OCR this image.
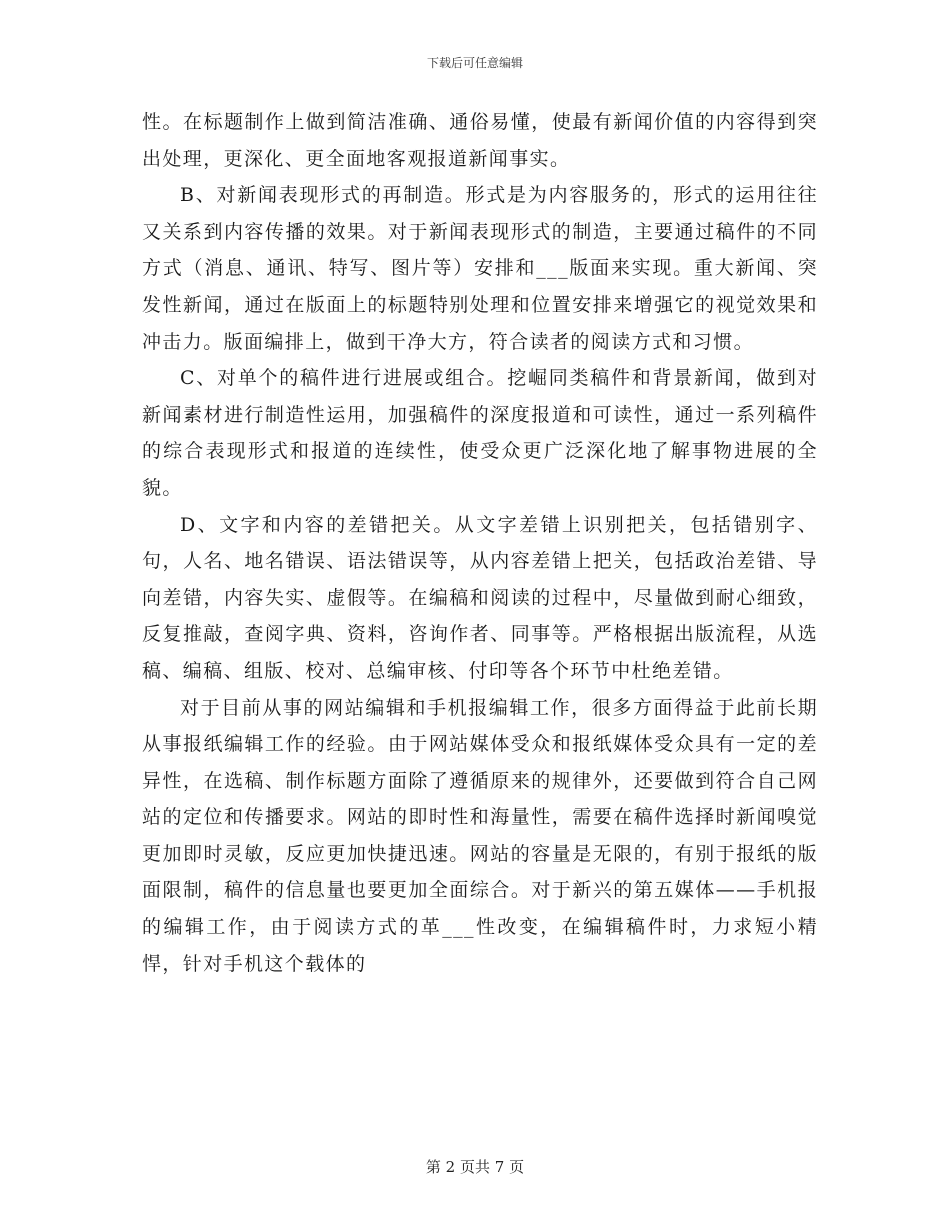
下载后可任意编辑

性。在标题制作上做到简洁准确、通俗易懂，使最有新闻价值的内容得到突出处理，更深化、更全面地客观报道新闻事实。

B、对新闻表现形式的再制造。形式是为内容服务的，形式的运用往往又关系到内容传播的效果。对于新闻表现形式的制造，主要通过稿件的不同方式（消息、通讯、特写、图片等）安排和___版面来实现。重大新闻、突发性新闻，通过在版面上的标题特别处理和位置安排来增强它的视觉效果和冲击力。版面编排上，做到干净大方，符合读者的阅读方式和习惯。

C、对单个的稿件进行进展或组合。挖崛同类稿件和背景新闻，做到对新闻素材进行制造性运用，加强稿件的深度报道和可读性，通过一系列稿件的综合表现形式和报道的连续性，使受众更广泛深化地了解事物进展的全貌。

D、文字和内容的差错把关。从文字差错上识别把关，包括错别字、句，人名、地名错误、语法错误等，从内容差错上把关，包括政治差错、导向差错，内容失实、虚假等。在编稿和阅读的过程中，尽量做到耐心细致，反复推敲，查阅字典、资料，咨询作者、同事等。严格根据出版流程，从选稿、编稿、组版、校对、总编审核、付印等各个环节中杜绝差错。

对于目前从事的网站编辑和手机报编辑工作，很多方面得益于此前长期从事报纸编辑工作的经验。由于网站媒体受众和报纸媒体受众具有一定的差异性，在选稿、制作标题方面除了遵循原来的规律外，还要做到符合自己网站的定位和传播要求。网站的即时性和海量性，需要在稿件选择时新闻嗅觉更加即时灵敏，反应更加快捷迅速。网站的容量是无限的，有别于报纸的版面限制，稿件的信息量也要更加全面综合。对于新兴的第五媒体——手机报的编辑工作，由于阅读方式的革___性改变，在编辑稿件时，力求短小精悍，针对手机这个载体的

第 2 页共 7 页
